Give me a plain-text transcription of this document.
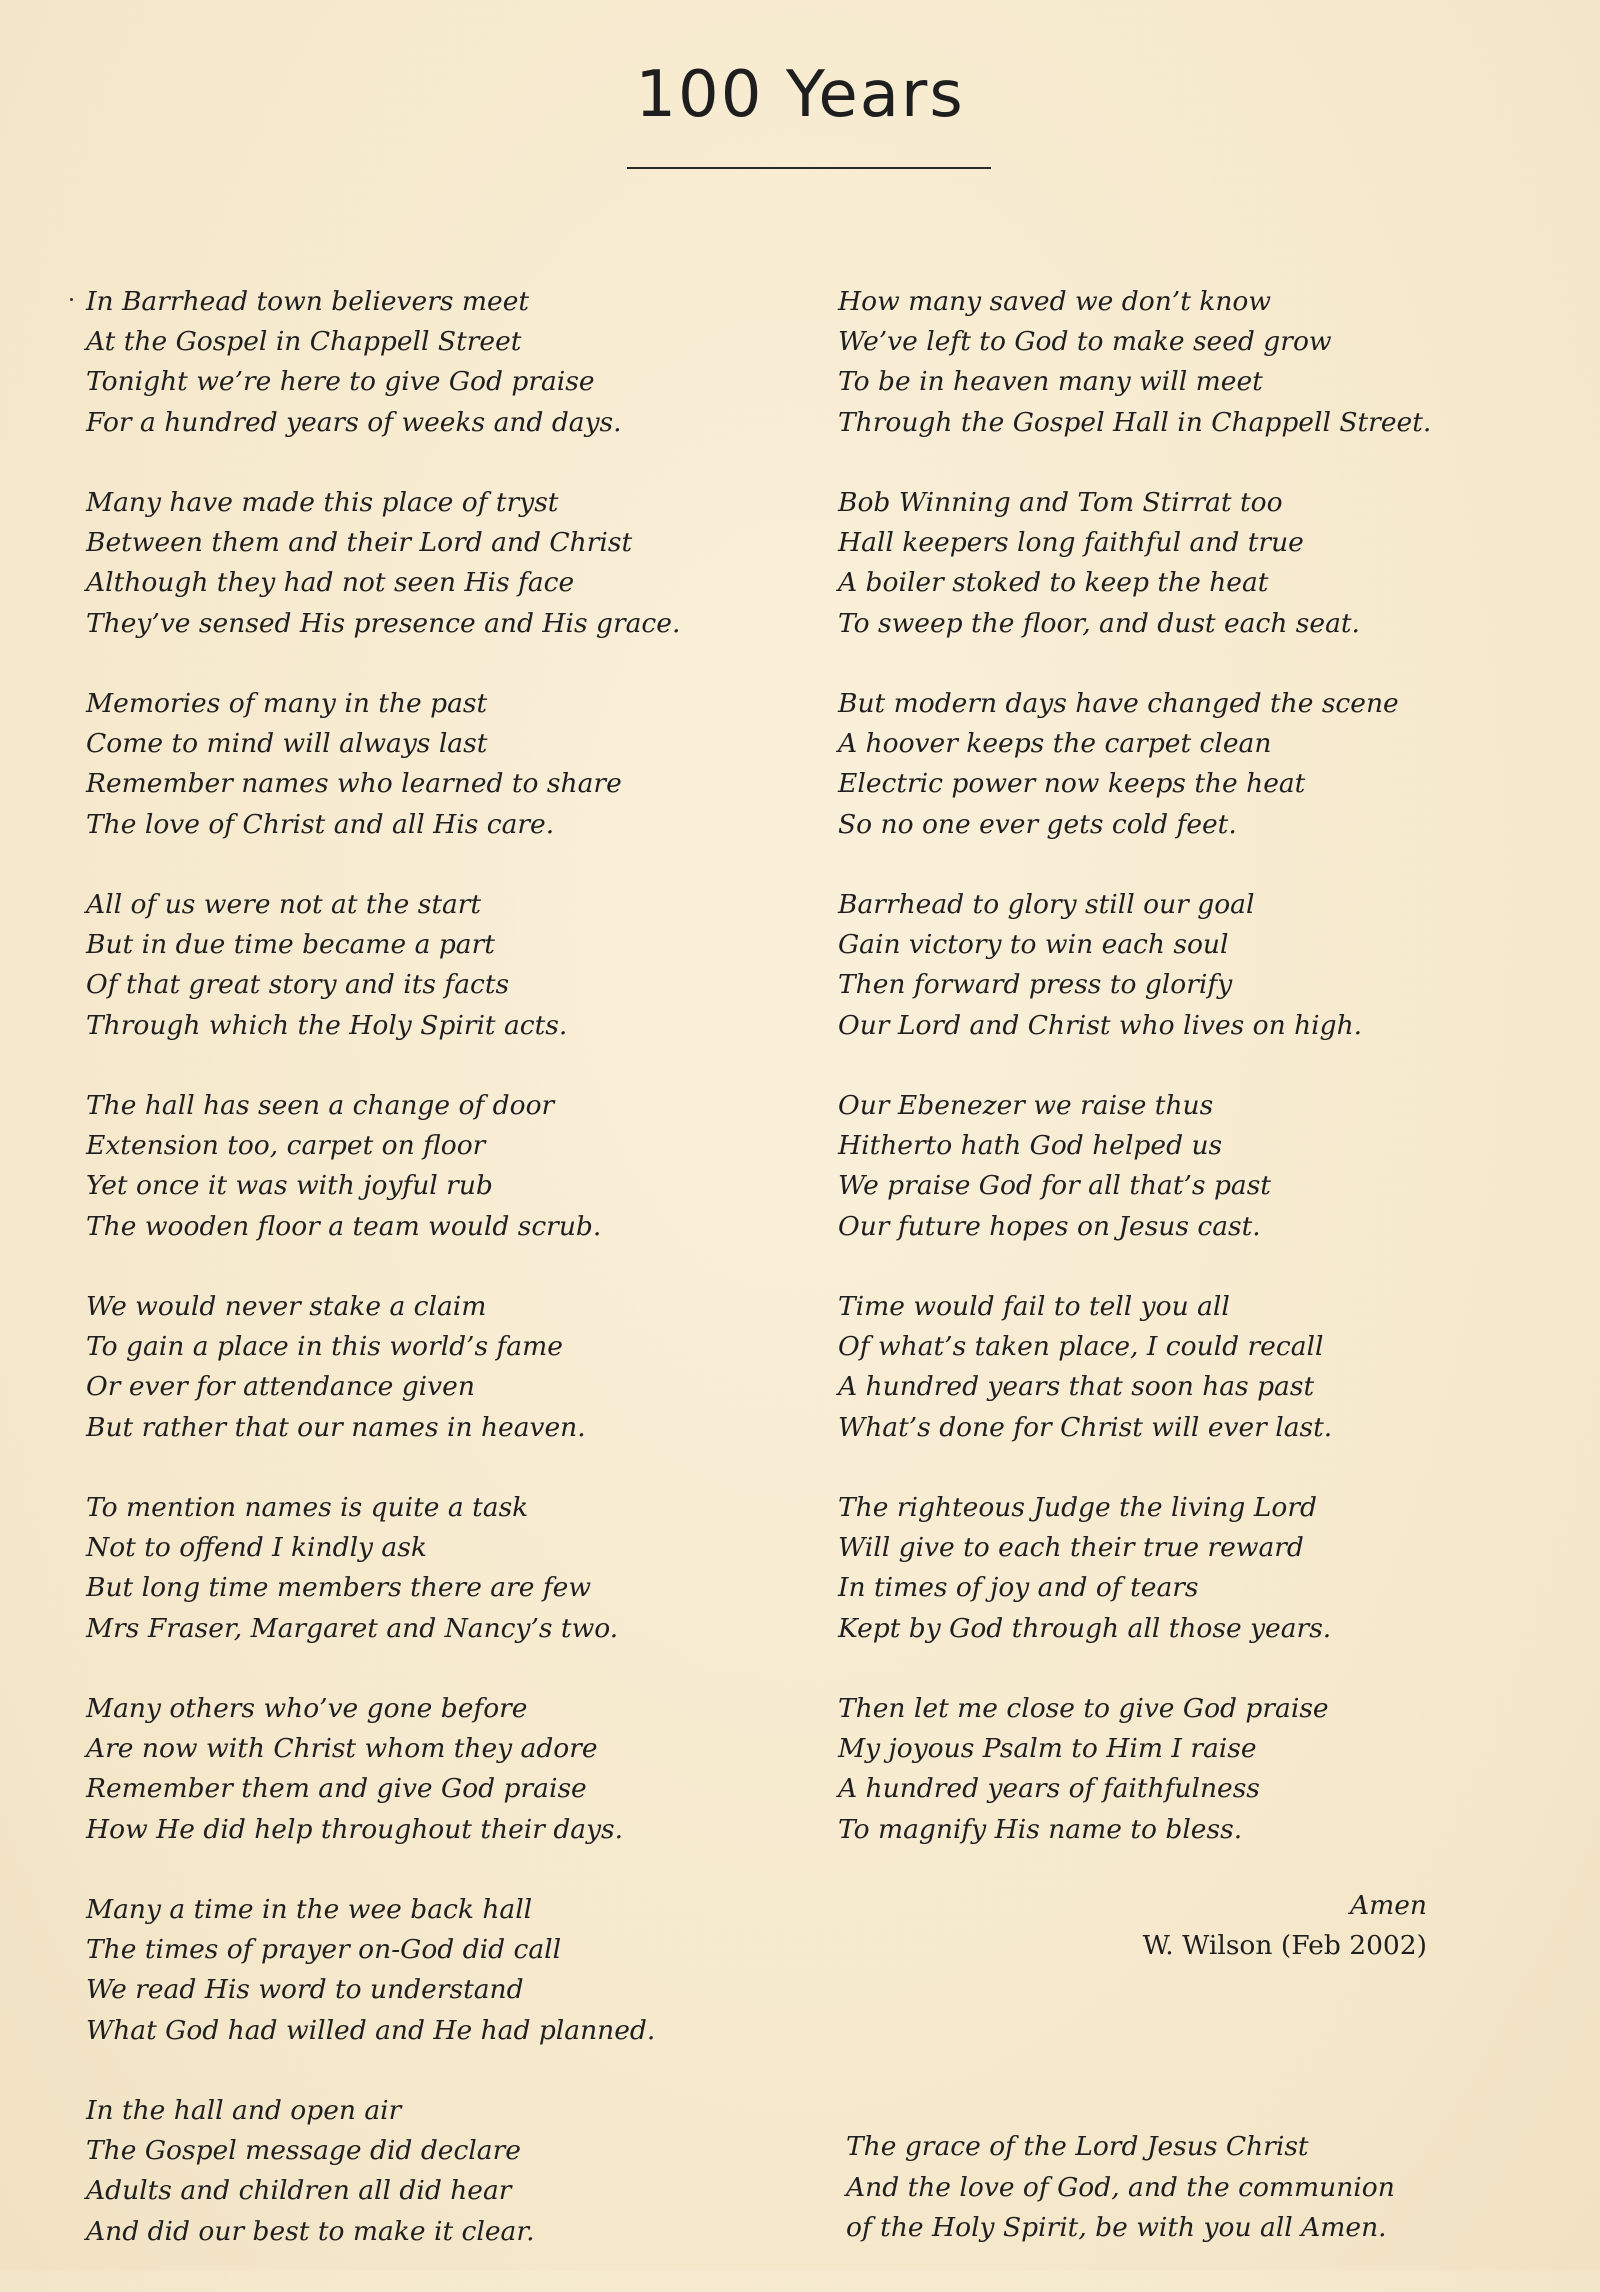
100 Years
In Barrhead town believers meet
At the Gospel in Chappell Street
Tonight we’re here to give God praise
For a hundred years of weeks and days.
Many have made this place of tryst
Between them and their Lord and Christ
Although they had not seen His face
They’ve sensed His presence and His grace.
Memories of many in the past
Come to mind will always last
Remember names who learned to share
The love of Christ and all His care.
All of us were not at the start
But in due time became a part
Of that great story and its facts
Through which the Holy Spirit acts.
The hall has seen a change of door
Extension too, carpet on floor
Yet once it was with joyful rub
The wooden floor a team would scrub.
We would never stake a claim
To gain a place in this world’s fame
Or ever for attendance given
But rather that our names in heaven.
To mention names is quite a task
Not to offend I kindly ask
But long time members there are few
Mrs Fraser, Margaret and Nancy’s two.
Many others who’ve gone before
Are now with Christ whom they adore
Remember them and give God praise
How He did help throughout their days.
Many a time in the wee back hall
The times of prayer on-God did call
We read His word to understand
What God had willed and He had planned.
In the hall and open air
The Gospel message did declare
Adults and children all did hear
And did our best to make it clear.
How many saved we don’t know
We’ve left to God to make seed grow
To be in heaven many will meet
Through the Gospel Hall in Chappell Street.
Bob Winning and Tom Stirrat too
Hall keepers long faithful and true
A boiler stoked to keep the heat
To sweep the floor, and dust each seat.
But modern days have changed the scene
A hoover keeps the carpet clean
Electric power now keeps the heat
So no one ever gets cold feet.
Barrhead to glory still our goal
Gain victory to win each soul
Then forward press to glorify
Our Lord and Christ who lives on high.
Our Ebenezer we raise thus
Hitherto hath God helped us
We praise God for all that’s past
Our future hopes on Jesus cast.
Time would fail to tell you all
Of what’s taken place, I could recall
A hundred years that soon has past
What’s done for Christ will ever last.
The righteous Judge the living Lord
Will give to each their true reward
In times of joy and of tears
Kept by God through all those years.
Then let me close to give God praise
My joyous Psalm to Him I raise
A hundred years of faithfulness
To magnify His name to bless.
Amen
W. Wilson (Feb 2002)
The grace of the Lord Jesus Christ
And the love of God, and the communion
of the Holy Spirit, be with you all Amen.
